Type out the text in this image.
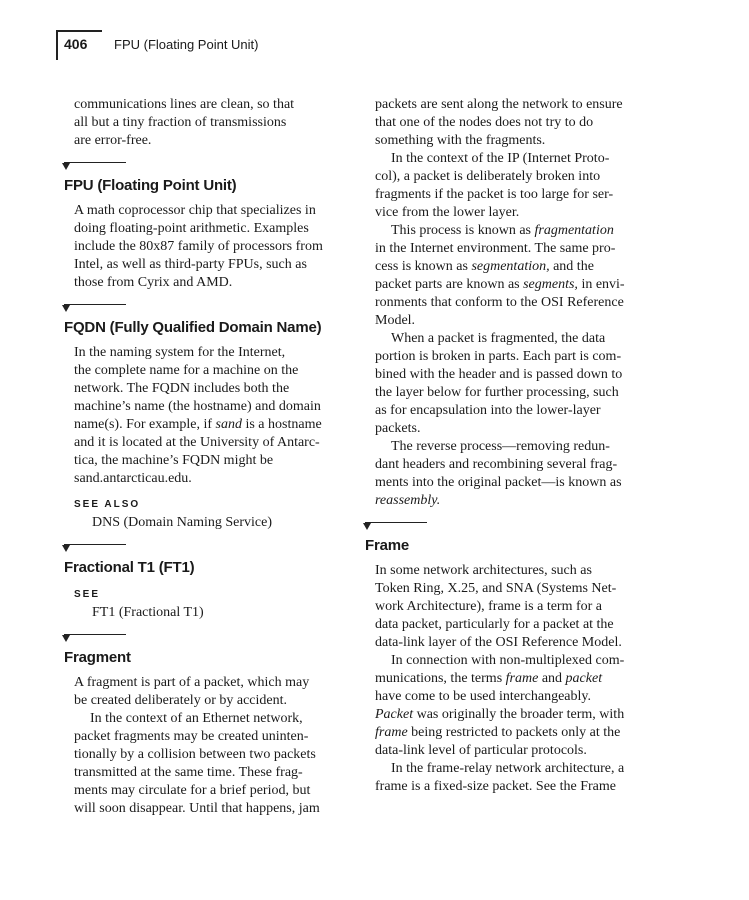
406 FPU (Floating Point Unit)
communications lines are clean, so that
all but a tiny fraction of transmissions
are error-free.
FPU (Floating Point Unit)
A math coprocessor chip that specializes in
doing floating-point arithmetic. Examples
include the 80x87 family of processors from
Intel, as well as third-party FPUs, such as
those from Cyrix and AMD.
FQDN (Fully Qualified Domain Name)
In the naming system for the Internet,
the complete name for a machine on the
network. The FQDN includes both the
machine’s name (the hostname) and domain
name(s). For example, if sand is a hostname
and it is located at the University of Antarc-
tica, the machine’s FQDN might be
sand.antarcticau.edu.
SEE ALSO
DNS (Domain Naming Service)
Fractional T1 (FT1)
SEE
FT1 (Fractional T1)
Fragment
A fragment is part of a packet, which may
be created deliberately or by accident.
In the context of an Ethernet network,
packet fragments may be created uninten-
tionally by a collision between two packets
transmitted at the same time. These frag-
ments may circulate for a brief period, but
will soon disappear. Until that happens, jam
packets are sent along the network to ensure
that one of the nodes does not try to do
something with the fragments.
In the context of the IP (Internet Proto-
col), a packet is deliberately broken into
fragments if the packet is too large for ser-
vice from the lower layer.
This process is known as fragmentation
in the Internet environment. The same pro-
cess is known as segmentation, and the
packet parts are known as segments, in envi-
ronments that conform to the OSI Reference
Model.
When a packet is fragmented, the data
portion is broken in parts. Each part is com-
bined with the header and is passed down to
the layer below for further processing, such
as for encapsulation into the lower-layer
packets.
The reverse process—removing redun-
dant headers and recombining several frag-
ments into the original packet—is known as
reassembly.
Frame
In some network architectures, such as
Token Ring, X.25, and SNA (Systems Net-
work Architecture), frame is a term for a
data packet, particularly for a packet at the
data-link layer of the OSI Reference Model.
In connection with non-multiplexed com-
munications, the terms frame and packet
have come to be used interchangeably.
Packet was originally the broader term, with
frame being restricted to packets only at the
data-link level of particular protocols.
In the frame-relay network architecture, a
frame is a fixed-size packet. See the Frame
